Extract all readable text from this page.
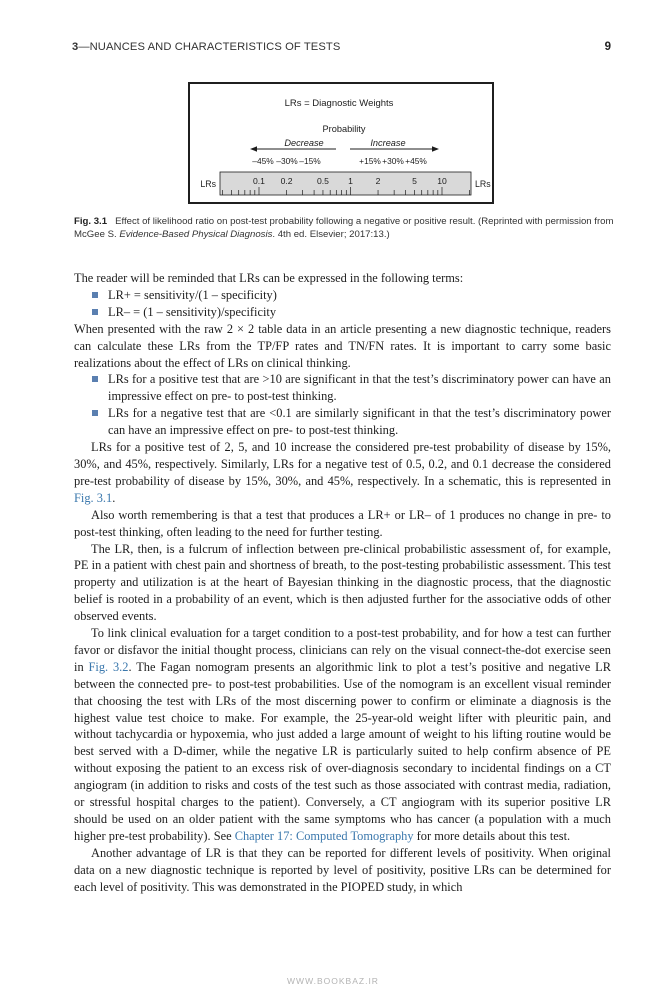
3—NUANCES AND CHARACTERISTICS OF TESTS	9
LRs = Diagnostic Weights
Probability
Decrease	Increase
–45% –30% –15%	+15% +30% +45%
LRs	LRs
0.1 0.2	0.5 1	2	5 10
Fig. 3.1 Effect of likelihood ratio on post-test probability following a negative or positive result. (Reprinted with permission from McGee S. Evidence-Based Physical Diagnosis. 4th ed. Elsevier; 2017:13.)

The reader will be reminded that LRs can be expressed in the following terms:

LR+ = sensitivity/(1 – specificity)
LR– = (1 – sensitivity)/specificity

When presented with the raw 2 × 2 table data in an article presenting a new diagnostic technique, readers can calculate these LRs from the TP/FP rates and TN/FN rates. It is important to carry some basic realizations about the effect of LRs on clinical thinking.

LRs for a positive test that are >10 are significant in that the test’s discriminatory power can have an impressive effect on pre- to post-test thinking.
LRs for a negative test that are <0.1 are similarly significant in that the test’s discriminatory power can have an impressive effect on pre- to post-test thinking.

LRs for a positive test of 2, 5, and 10 increase the considered pre-test probability of disease by 15%, 30%, and 45%, respectively. Similarly, LRs for a negative test of 0.5, 0.2, and 0.1 decrease the considered pre-test probability of disease by 15%, 30%, and 45%, respectively. In a schematic, this is represented in Fig. 3.1.

Also worth remembering is that a test that produces a LR+ or LR– of 1 produces no change in pre- to post-test thinking, often leading to the need for further testing.

The LR, then, is a fulcrum of inflection between pre-clinical probabilistic assessment of, for example, PE in a patient with chest pain and shortness of breath, to the post-testing probabilistic assessment. This test property and utilization is at the heart of Bayesian thinking in the diagnostic process, that the diagnostic belief is rooted in a probability of an event, which is then adjusted further for the associative odds of other observed events.

To link clinical evaluation for a target condition to a post-test probability, and for how a test can further favor or disfavor the initial thought process, clinicians can rely on the visual connect-the-dot exercise seen in Fig. 3.2. The Fagan nomogram presents an algorithmic link to plot a test’s positive and negative LR between the connected pre- to post-test probabilities. Use of the nomogram is an excellent visual reminder that choosing the test with LRs of the most discerning power to confirm or eliminate a diagnosis is the highest value test choice to make. For example, the 25-year-old weight lifter with pleuritic pain, and without tachycardia or hypoxemia, who just added a large amount of weight to his lifting routine would be best served with a D-dimer, while the negative LR is particularly suited to help confirm absence of PE without exposing the patient to an excess risk of over-diagnosis secondary to incidental findings on a CT angiogram (in addition to risks and costs of the test such as those associated with contrast media, radiation, or stressful hospital charges to the patient). Conversely, a CT angiogram with its superior positive LR should be used on an older patient with the same symptoms who has cancer (a population with a much higher pre-test probability). See Chapter 17: Computed Tomography for more details about this test.

Another advantage of LR is that they can be reported for different levels of positivity. When original data on a new diagnostic technique is reported by level of positivity, positive LRs can be determined for each level of positivity. This was demonstrated in the PIOPED study, in which

WWW.BOOKBAZ.IR
